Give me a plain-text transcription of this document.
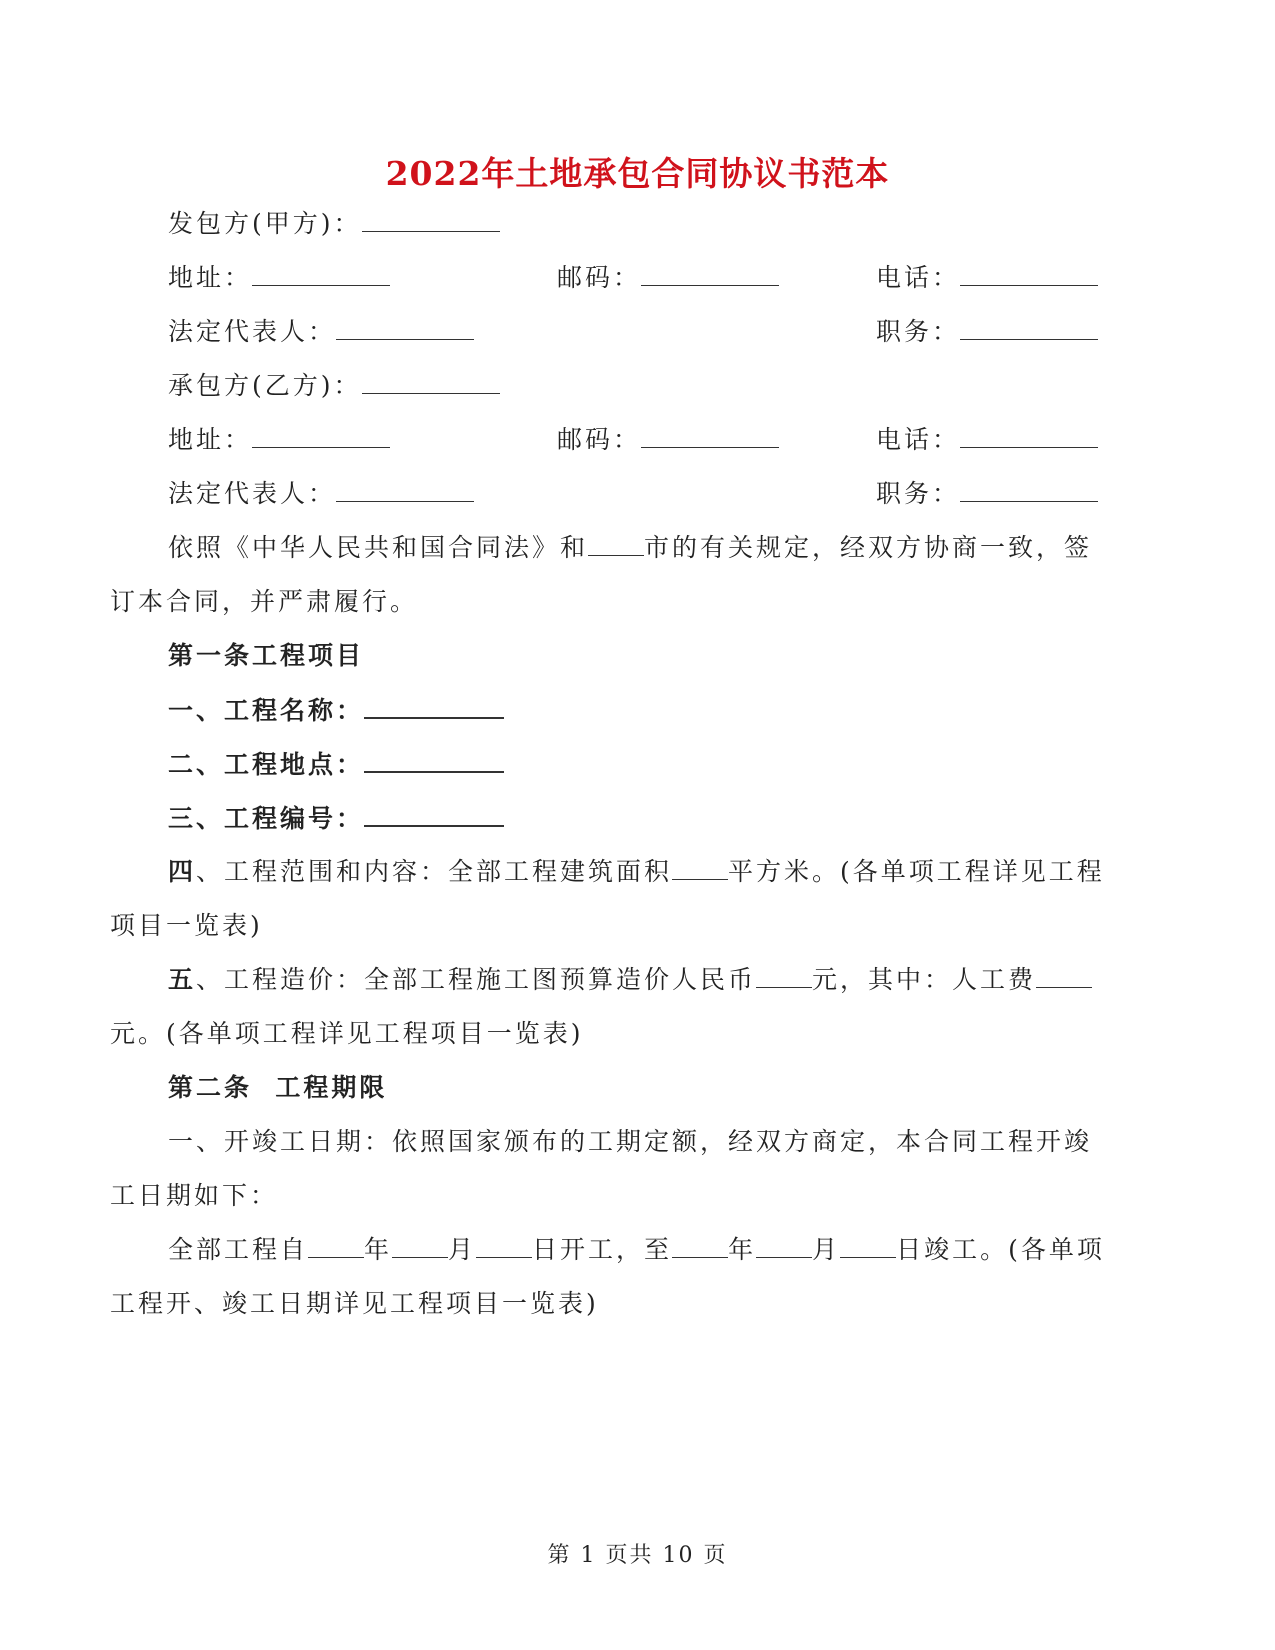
2022年土地承包合同协议书范本
发包方(甲方)：
地址：	邮码：	电话：
法定代表人：	职务：
承包方(乙方)：
地址：	邮码：	电话：
法定代表人：	职务：
依照《中华人民共和国合同法》和 市的有关规定，经双方协商一致，签
订本合同，并严肃履行。
第一条工程项目
一、工程名称：
二、工程地点：
三、工程编号：
四、工程范围和内容：全部工程建筑面积 平方米。(各单项工程详见工程
项目一览表)
五、工程造价：全部工程施工图预算造价人民币 元，其中：人工费
元。(各单项工程详见工程项目一览表)
第二条  工程期限
一、开竣工日期：依照国家颁布的工期定额，经双方商定，本合同工程开竣
工日期如下：
全部工程自 年 月 日开工，至 年 月 日竣工。(各单项
工程开、竣工日期详见工程项目一览表)
第 1 页共 10 页
